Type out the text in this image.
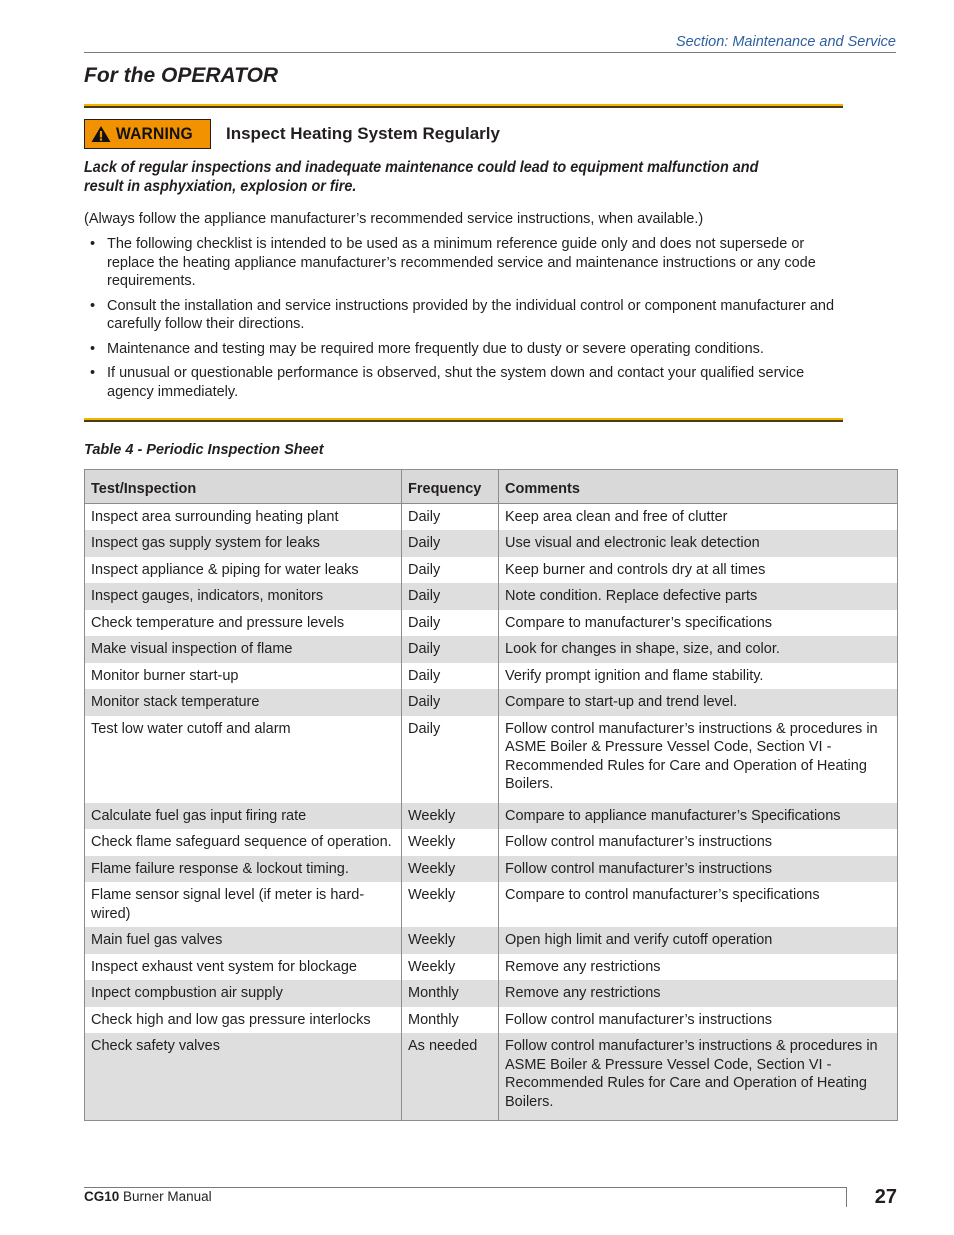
Section: Maintenance and Service
For the OPERATOR
WARNING Inspect Heating System Regularly

Lack of regular inspections and inadequate maintenance could lead to equipment malfunction and result in asphyxiation, explosion or fire.

(Always follow the appliance manufacturer’s recommended service instructions, when available.)
• The following checklist is intended to be used as a minimum reference guide only and does not supersede or replace the heating appliance manufacturer’s recommended service and maintenance instructions or any code requirements.
• Consult the installation and service instructions provided by the individual control or component manufacturer and carefully follow their directions.
• Maintenance and testing may be required more frequently due to dusty or severe operating conditions.
• If unusual or questionable performance is observed, shut the system down and contact your qualified service agency immediately.
Table 4 - Periodic Inspection Sheet
Test/Inspection	Frequency	Comments
Inspect area surrounding heating plant	Daily	Keep area clean and free of clutter
Inspect gas supply system for leaks	Daily	Use visual and electronic leak detection
Inspect appliance & piping for water leaks	Daily	Keep burner and controls dry at all times
Inspect gauges, indicators, monitors	Daily	Note condition. Replace defective parts
Check temperature and pressure levels	Daily	Compare to manufacturer’s specifications
Make visual inspection of flame	Daily	Look for changes in shape, size, and color.
Monitor burner start-up	Daily	Verify prompt ignition and flame stability.
Monitor stack temperature	Daily	Compare to start-up and trend level.
Test low water cutoff and alarm	Daily	Follow control manufacturer’s instructions & procedures in ASME Boiler & Pressure Vessel Code, Section VI - Recommended Rules for Care and Operation of Heating Boilers.
Calculate fuel gas input firing rate	Weekly	Compare to appliance manufacturer’s Specifications
Check flame safeguard sequence of operation.	Weekly	Follow control manufacturer’s instructions
Flame failure response & lockout timing.	Weekly	Follow control manufacturer’s instructions
Flame sensor signal level (if meter is hard-wired)	Weekly	Compare to control manufacturer’s specifications
Main fuel gas valves	Weekly	Open high limit and verify cutoff operation
Inspect exhaust vent system for blockage	Weekly	Remove any restrictions
Inpect compbustion air supply	Monthly	Remove any restrictions
Check high and low gas pressure interlocks	Monthly	Follow control manufacturer’s instructions
Check safety valves	As needed	Follow control manufacturer’s instructions & procedures in ASME Boiler & Pressure Vessel Code, Section VI - Recommended Rules for Care and Operation of Heating Boilers.
CG10 Burner Manual	27
